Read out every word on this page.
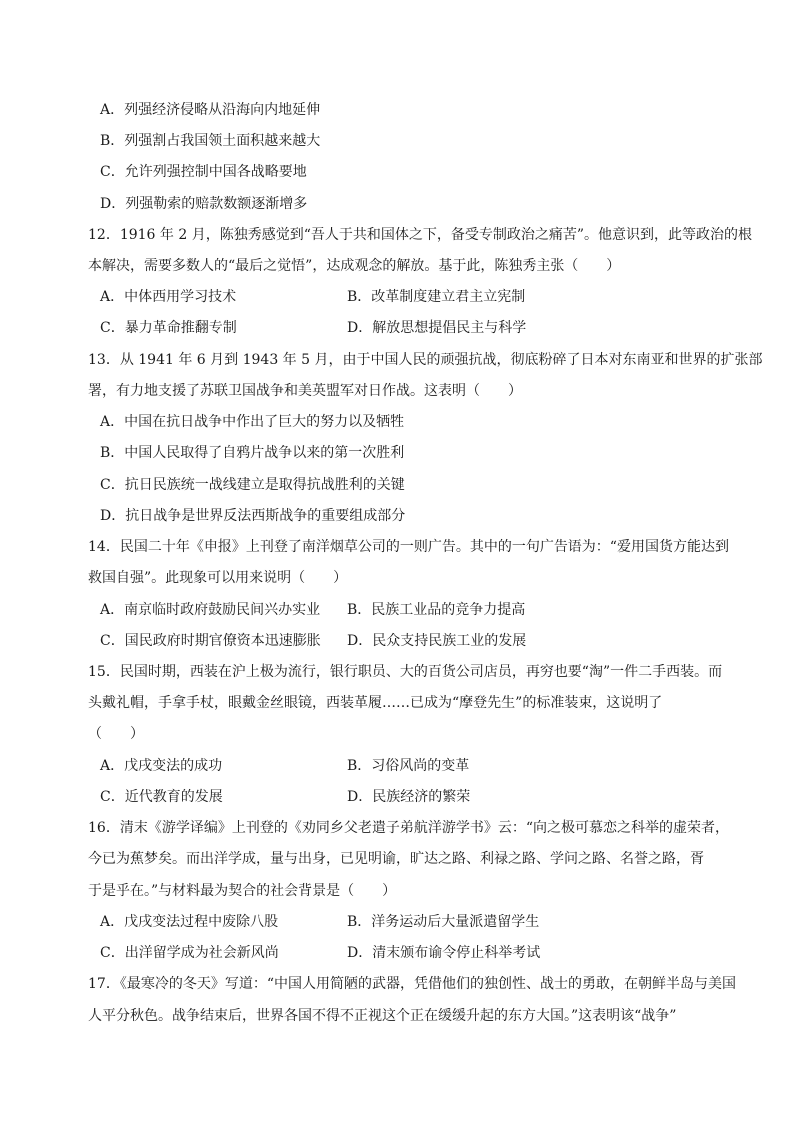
A．列强经济侵略从沿海向内地延伸
B．列强割占我国领土面积越来越大
C．允许列强控制中国各战略要地
D．列强勒索的赔款数额逐渐增多
12．1916 年 2 月，陈独秀感觉到“吾人于共和国体之下，备受专制政治之痛苦”。他意识到，此等政治的根
本解决，需要多数人的“最后之觉悟”，达成观念的解放。基于此，陈独秀主张（　　）
A．中体西用学习技术	B．改革制度建立君主立宪制
C．暴力革命推翻专制	D．解放思想提倡民主与科学
13．从 1941 年 6 月到 1943 年 5 月，由于中国人民的顽强抗战，彻底粉碎了日本对东南亚和世界的扩张部
署，有力地支援了苏联卫国战争和美英盟军对日作战。这表明（　　）
A．中国在抗日战争中作出了巨大的努力以及牺牲
B．中国人民取得了自鸦片战争以来的第一次胜利
C．抗日民族统一战线建立是取得抗战胜利的关键
D．抗日战争是世界反法西斯战争的重要组成部分
14．民国二十年《申报》上刊登了南洋烟草公司的一则广告。其中的一句广告语为：“爱用国货方能达到
救国自强”。此现象可以用来说明（　　）
A．南京临时政府鼓励民间兴办实业 B．民族工业品的竞争力提高
C．国民政府时期官僚资本迅速膨胀 D．民众支持民族工业的发展
15．民国时期，西装在沪上极为流行，银行职员、大的百货公司店员，再穷也要“淘”一件二手西装。而
头戴礼帽，手拿手杖，眼戴金丝眼镜，西装革履……已成为“摩登先生”的标准装束，这说明了
（　　）
A．戊戌变法的成功	B．习俗风尚的变革
C．近代教育的发展	D．民族经济的繁荣
16．清末《游学译编》上刊登的《劝同乡父老遣子弟航洋游学书》云：“向之极可慕恋之科举的虚荣者，
今已为蕉梦矣。而出洋学成，量与出身，已见明谕，旷达之路、利禄之路、学问之路、名誉之路，胥
于是乎在。”与材料最为契合的社会背景是（　　）
A．戊戌变法过程中废除八股	B．洋务运动后大量派遣留学生
C．出洋留学成为社会新风尚	D．清末颁布谕令停止科举考试
17．《最寒冷的冬天》写道：“中国人用简陋的武器，凭借他们的独创性、战士的勇敢，在朝鲜半岛与美国
人平分秋色。战争结束后，世界各国不得不正视这个正在缓缓升起的东方大国。”这表明该“战争”
